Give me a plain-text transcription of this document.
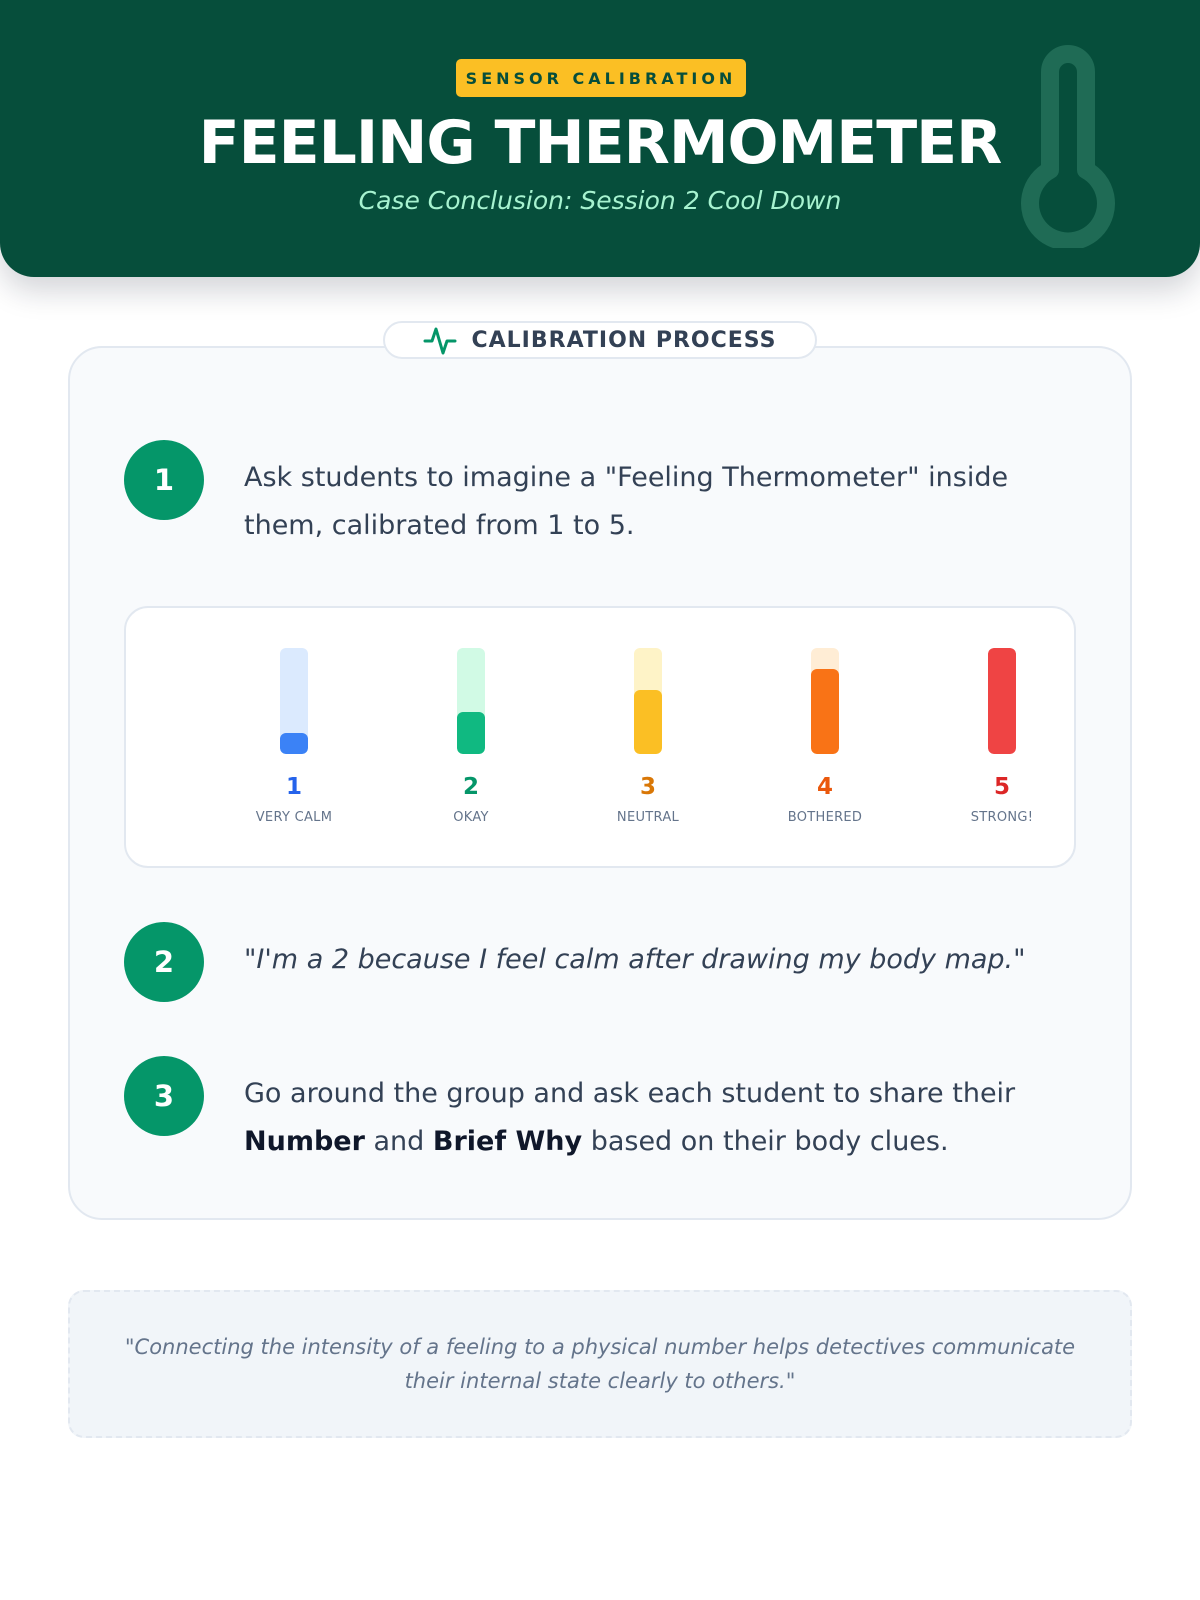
SENSOR CALIBRATION
FEELING THERMOMETER
Case Conclusion: Session 2 Cool Down
CALIBRATION PROCESS
1	Ask students to imagine a "Feeling Thermometer" inside them, calibrated from 1 to 5.

1
VERY CALM
2
OKAY
3
NEUTRAL
4
BOTHERED
5
STRONG!
2	"I'm a 2 because I feel calm after drawing my body map."

3	Go around the group and ask each student to share their Number and Brief Why based on their body clues.

"Connecting the intensity of a feeling to a physical number helps detectives communicate their internal state clearly to others."
